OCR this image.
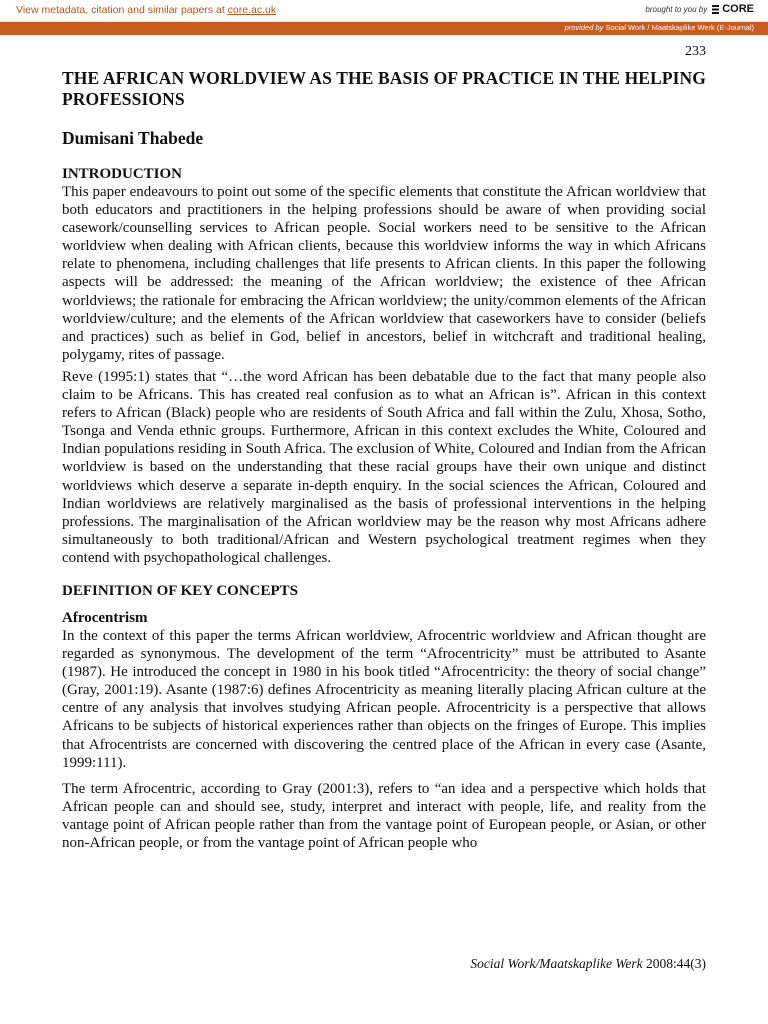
View metadata, citation and similar papers at core.ac.uk	brought to you by CORE
provided by Social Work / Maatskaplike Werk (E-Journal)
233
THE AFRICAN WORLDVIEW AS THE BASIS OF PRACTICE IN THE HELPING PROFESSIONS
Dumisani Thabede
INTRODUCTION

This paper endeavours to point out some of the specific elements that constitute the African worldview that both educators and practitioners in the helping professions should be aware of when providing social casework/counselling services to African people. Social workers need to be sensitive to the African worldview when dealing with African clients, because this worldview informs the way in which Africans relate to phenomena, including challenges that life presents to African clients. In this paper the following aspects will be addressed: the meaning of the African worldview; the existence of thee African worldviews; the rationale for embracing the African worldview; the unity/common elements of the African worldview/culture; and the elements of the African worldview that caseworkers have to consider (beliefs and practices) such as belief in God, belief in ancestors, belief in witchcraft and traditional healing, polygamy, rites of passage.

Reve (1995:1) states that “…the word African has been debatable due to the fact that many people also claim to be Africans. This has created real confusion as to what an African is”. African in this context refers to African (Black) people who are residents of South Africa and fall within the Zulu, Xhosa, Sotho, Tsonga and Venda ethnic groups. Furthermore, African in this context excludes the White, Coloured and Indian populations residing in South Africa. The exclusion of White, Coloured and Indian from the African worldview is based on the understanding that these racial groups have their own unique and distinct worldviews which deserve a separate in-depth enquiry. In the social sciences the African, Coloured and Indian worldviews are relatively marginalised as the basis of professional interventions in the helping professions. The marginalisation of the African worldview may be the reason why most Africans adhere simultaneously to both traditional/African and Western psychological treatment regimes when they contend with psychopathological challenges.

DEFINITION OF KEY CONCEPTS
Afrocentrism

In the context of this paper the terms African worldview, Afrocentric worldview and African thought are regarded as synonymous. The development of the term “Afrocentricity” must be attributed to Asante (1987). He introduced the concept in 1980 in his book titled “Afrocentricity: the theory of social change” (Gray, 2001:19). Asante (1987:6) defines Afrocentricity as meaning literally placing African culture at the centre of any analysis that involves studying African people. Afrocentricity is a perspective that allows Africans to be subjects of historical experiences rather than objects on the fringes of Europe. This implies that Afrocentrists are concerned with discovering the centred place of the African in every case (Asante, 1999:111).

The term Afrocentric, according to Gray (2001:3), refers to “an idea and a perspective which holds that African people can and should see, study, interpret and interact with people, life, and reality from the vantage point of African people rather than from the vantage point of European people, or Asian, or other non-African people, or from the vantage point of African people who

Social Work/Maatskaplike Werk 2008:44(3)
